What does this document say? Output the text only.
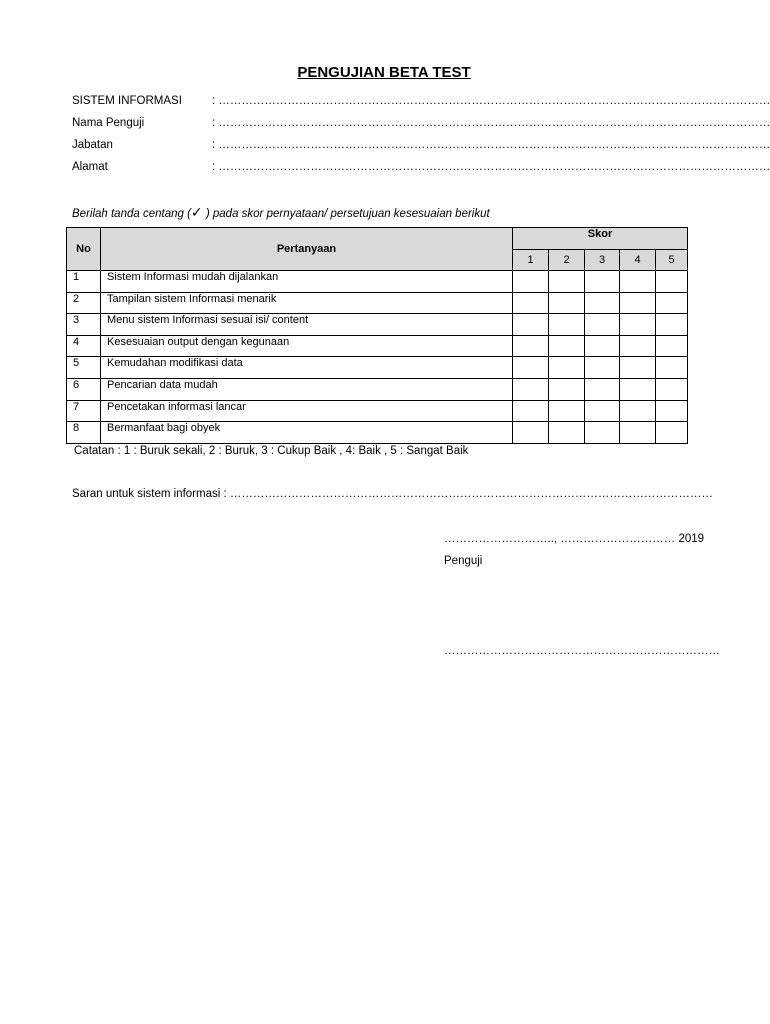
PENGUJIAN BETA TEST
SISTEM INFORMASI	: ………………………………………………………………………………………………………………………………
Nama Penguji	: ………………………………………………………………………………………………………………………………
Jabatan	: ………………………………………………………………………………………………………………………………
Alamat	: ………………………………………………………………………………………………………………………………
Berilah tanda centang (✓ ) pada skor pernyataan/ persetujuan kesesuaian berikut
No	Pertanyaan	Skor				
		1	2	3	4	5
1	Sistem Informasi mudah dijalankan					
2	Tampilan sistem Informasi menarik					
3	Menu sistem Informasi sesuai isi/ content					
4	Kesesuaian output dengan kegunaan					
5	Kemudahan modifikasi data					
6	Pencarian data mudah					
7	Pencetakan informasi lancar					
8	Bermanfaat bagi obyek					
Catatan : 1 : Buruk sekali, 2 : Buruk, 3 : Cukup Baik , 4: Baik , 5 : Sangat Baik
Saran untuk sistem informasi : ………………………………………………………………………………………………………………
……………………….., ………………………… 2019
Penguji
………………………………………………………………
